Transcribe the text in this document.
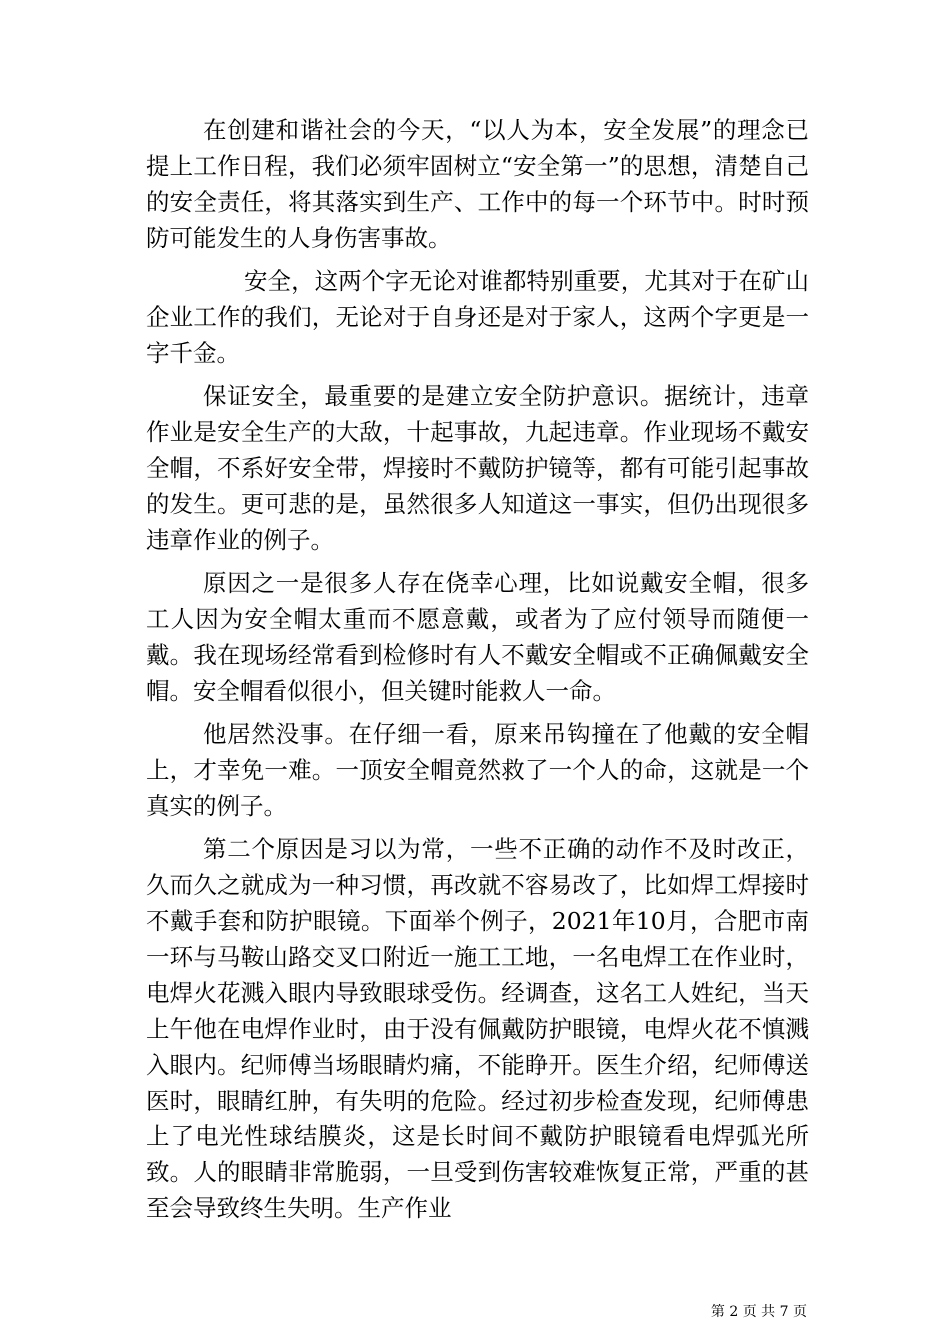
在创建和谐社会的今天，“以人为本，安全发展”的理念已提上工作日程，我们必须牢固树立“安全第一”的思想，清楚自己的安全责任，将其落实到生产、工作中的每一个环节中。时时预防可能发生的人身伤害事故。

安全，这两个字无论对谁都特别重要，尤其对于在矿山企业工作的我们，无论对于自身还是对于家人，这两个字更是一字千金。

保证安全，最重要的是建立安全防护意识。据统计，违章作业是安全生产的大敌，十起事故，九起违章。作业现场不戴安全帽，不系好安全带，焊接时不戴防护镜等，都有可能引起事故的发生。更可悲的是，虽然很多人知道这一事实，但仍出现很多违章作业的例子。

原因之一是很多人存在侥幸心理，比如说戴安全帽，很多工人因为安全帽太重而不愿意戴，或者为了应付领导而随便一戴。我在现场经常看到检修时有人不戴安全帽或不正确佩戴安全帽。安全帽看似很小，但关键时能救人一命。

他居然没事。在仔细一看，原来吊钩撞在了他戴的安全帽上，才幸免一难。一顶安全帽竟然救了一个人的命，这就是一个真实的例子。

第二个原因是习以为常，一些不正确的动作不及时改正，久而久之就成为一种习惯，再改就不容易改了，比如焊工焊接时不戴手套和防护眼镜。下面举个例子，2021年10月，合肥市南一环与马鞍山路交叉口附近一施工工地，一名电焊工在作业时，电焊火花溅入眼内导致眼球受伤。经调查，这名工人姓纪，当天上午他在电焊作业时，由于没有佩戴防护眼镜，电焊火花不慎溅入眼内。纪师傅当场眼睛灼痛，不能睁开。医生介绍，纪师傅送医时，眼睛红肿，有失明的危险。经过初步检查发现，纪师傅患上了电光性球结膜炎，这是长时间不戴防护眼镜看电焊弧光所致。人的眼睛非常脆弱，一旦受到伤害较难恢复正常，严重的甚至会导致终生失明。生产作业

第 2 页 共 7 页
